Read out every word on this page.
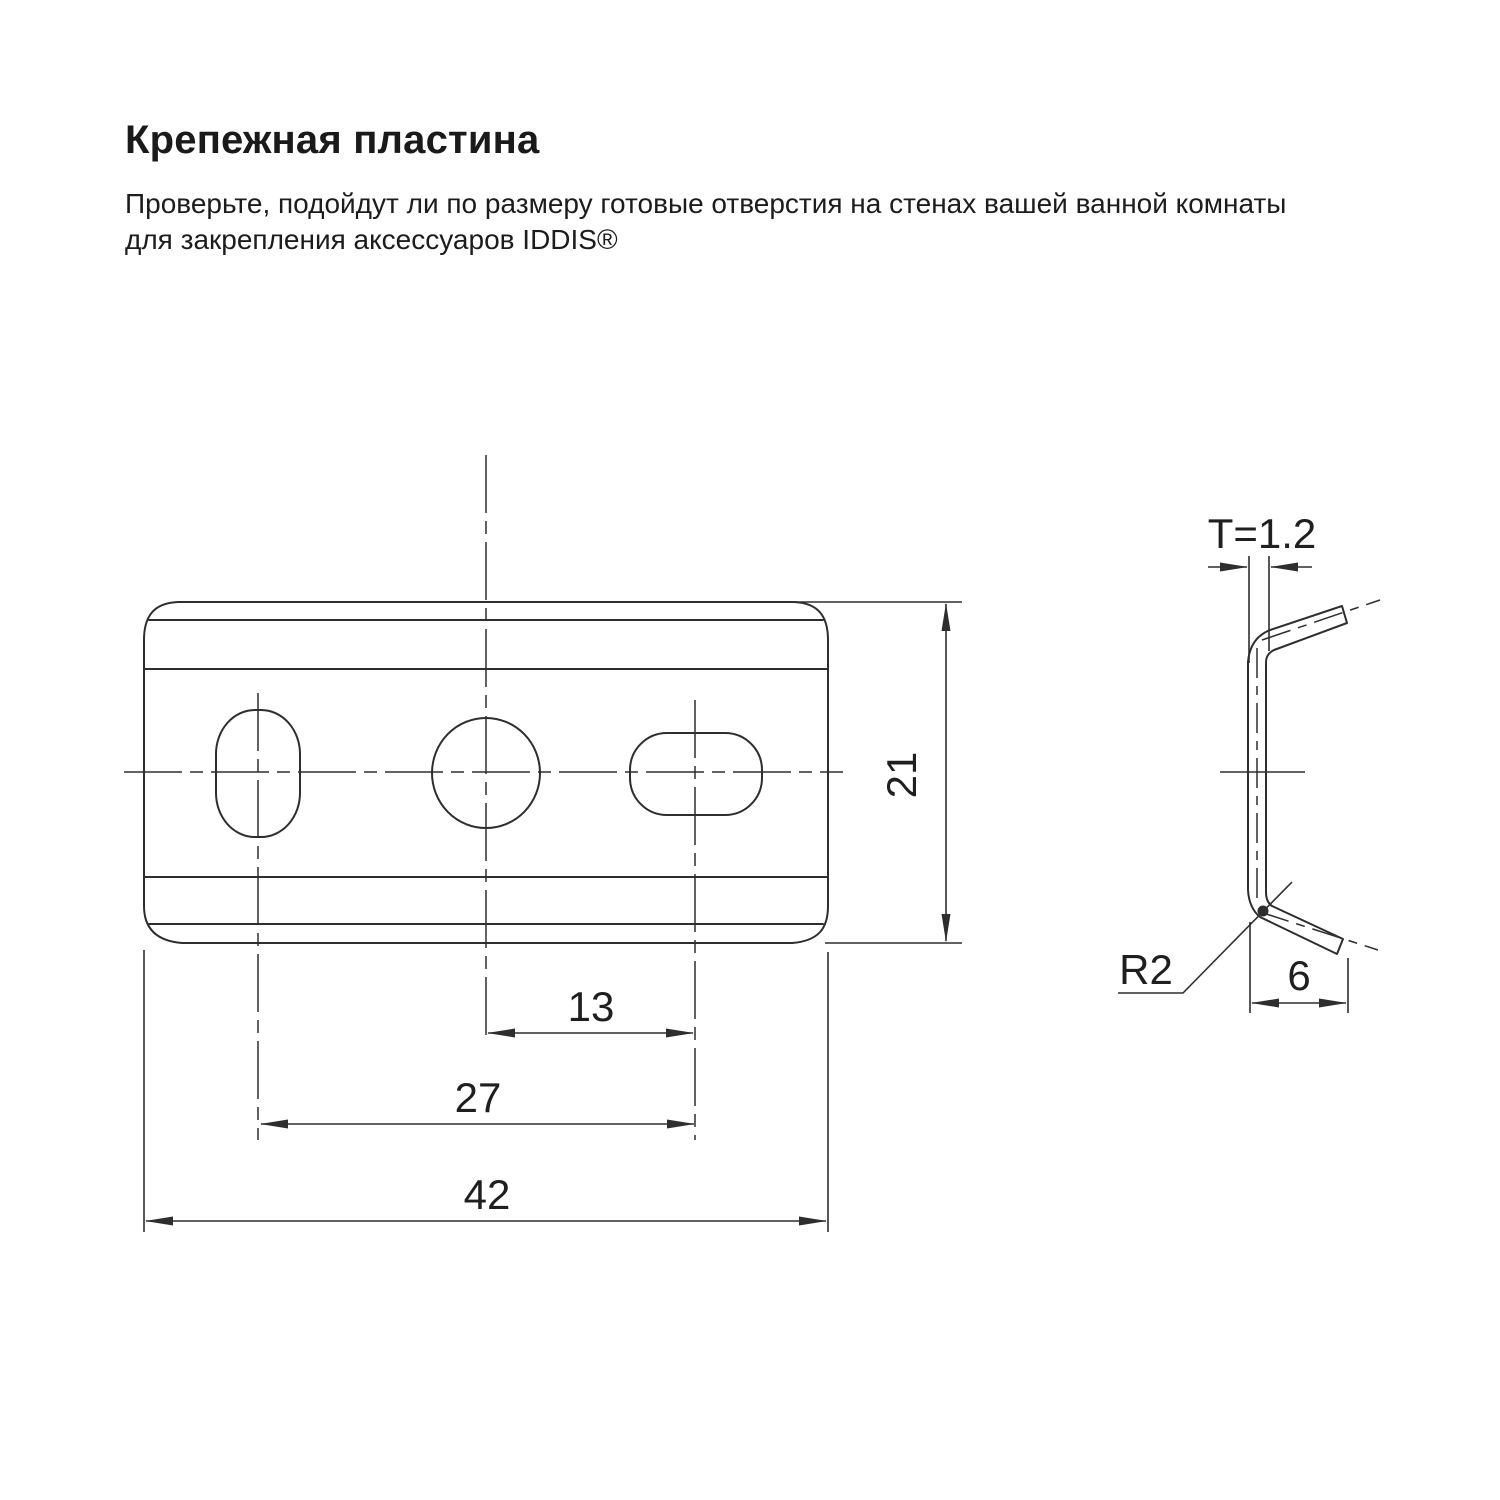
Крепежная пластина
Проверьте, подойдут ли по размеру готовые отверстия на стенах вашей ванной комнаты
для закрепления аксессуаров IDDIS®
21
13
27
42
T=1.2
R2	6
